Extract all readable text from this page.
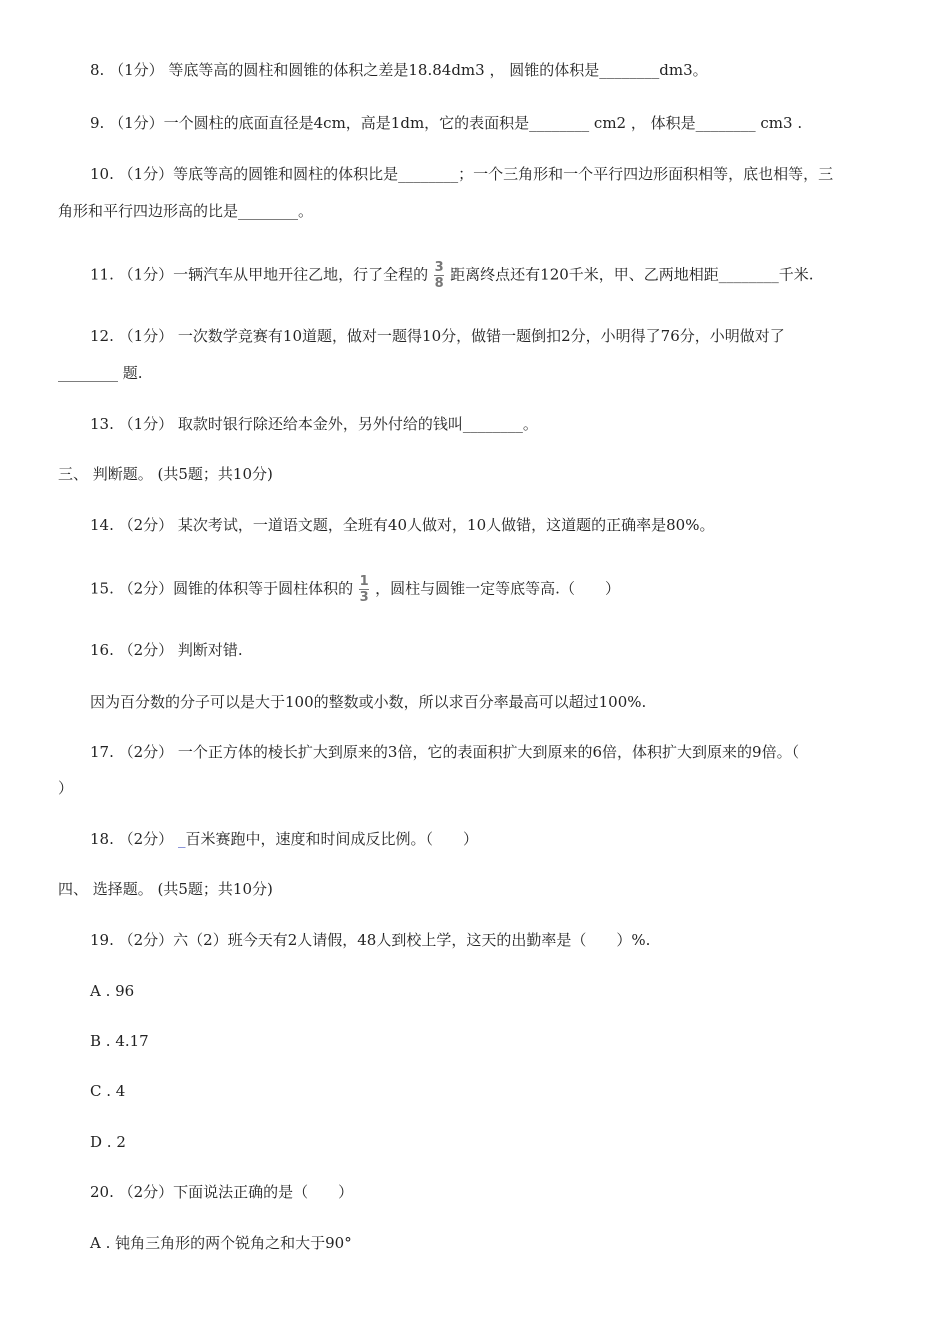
8. （1分） 等底等高的圆柱和圆锥的体积之差是18.84dm3 ， 圆锥的体积是________dm3。
9. （1分）一个圆柱的底面直径是4cm，高是1dm，它的表面积是________ cm2 ， 体积是________ cm3 .
10. （1分）等底等高的圆锥和圆柱的体积比是________；一个三角形和一个平行四边形面积相等，底也相等，三
角形和平行四边形高的比是________。
11. （1分）一辆汽车从甲地开往乙地，行了全程的 $\frac{3}{8}$ 距离终点还有120千米，甲、乙两地相距________千米.
12. （1分） 一次数学竞赛有10道题，做对一题得10分，做错一题倒扣2分，小明得了76分，小明做对了
________ 题.
13. （1分） 取款时银行除还给本金外，另外付给的钱叫________。
三、 判断题。 (共5题；共10分)
14. （2分） 某次考试，一道语文题，全班有40人做对，10人做错，这道题的正确率是80%。
15. （2分）圆锥的体积等于圆柱体积的 $\frac{1}{3}$ ，圆柱与圆锥一定等底等高.（　　）
16. （2分） 判断对错.
因为百分数的分子可以是大于100的整数或小数，所以求百分率最高可以超过100%.
17. （2分） 一个正方体的棱长扩大到原来的3倍，它的表面积扩大到原来的6倍，体积扩大到原来的9倍。（
）
18. （2分） _百米赛跑中，速度和时间成反比例。（　　）
四、 选择题。 (共5题；共10分)
19. （2分）六（2）班今天有2人请假，48人到校上学，这天的出勤率是（　　）%.
A . 96
B . 4.17
C . 4
D . 2
20. （2分）下面说法正确的是（　　）
A . 钝角三角形的两个锐角之和大于90°
